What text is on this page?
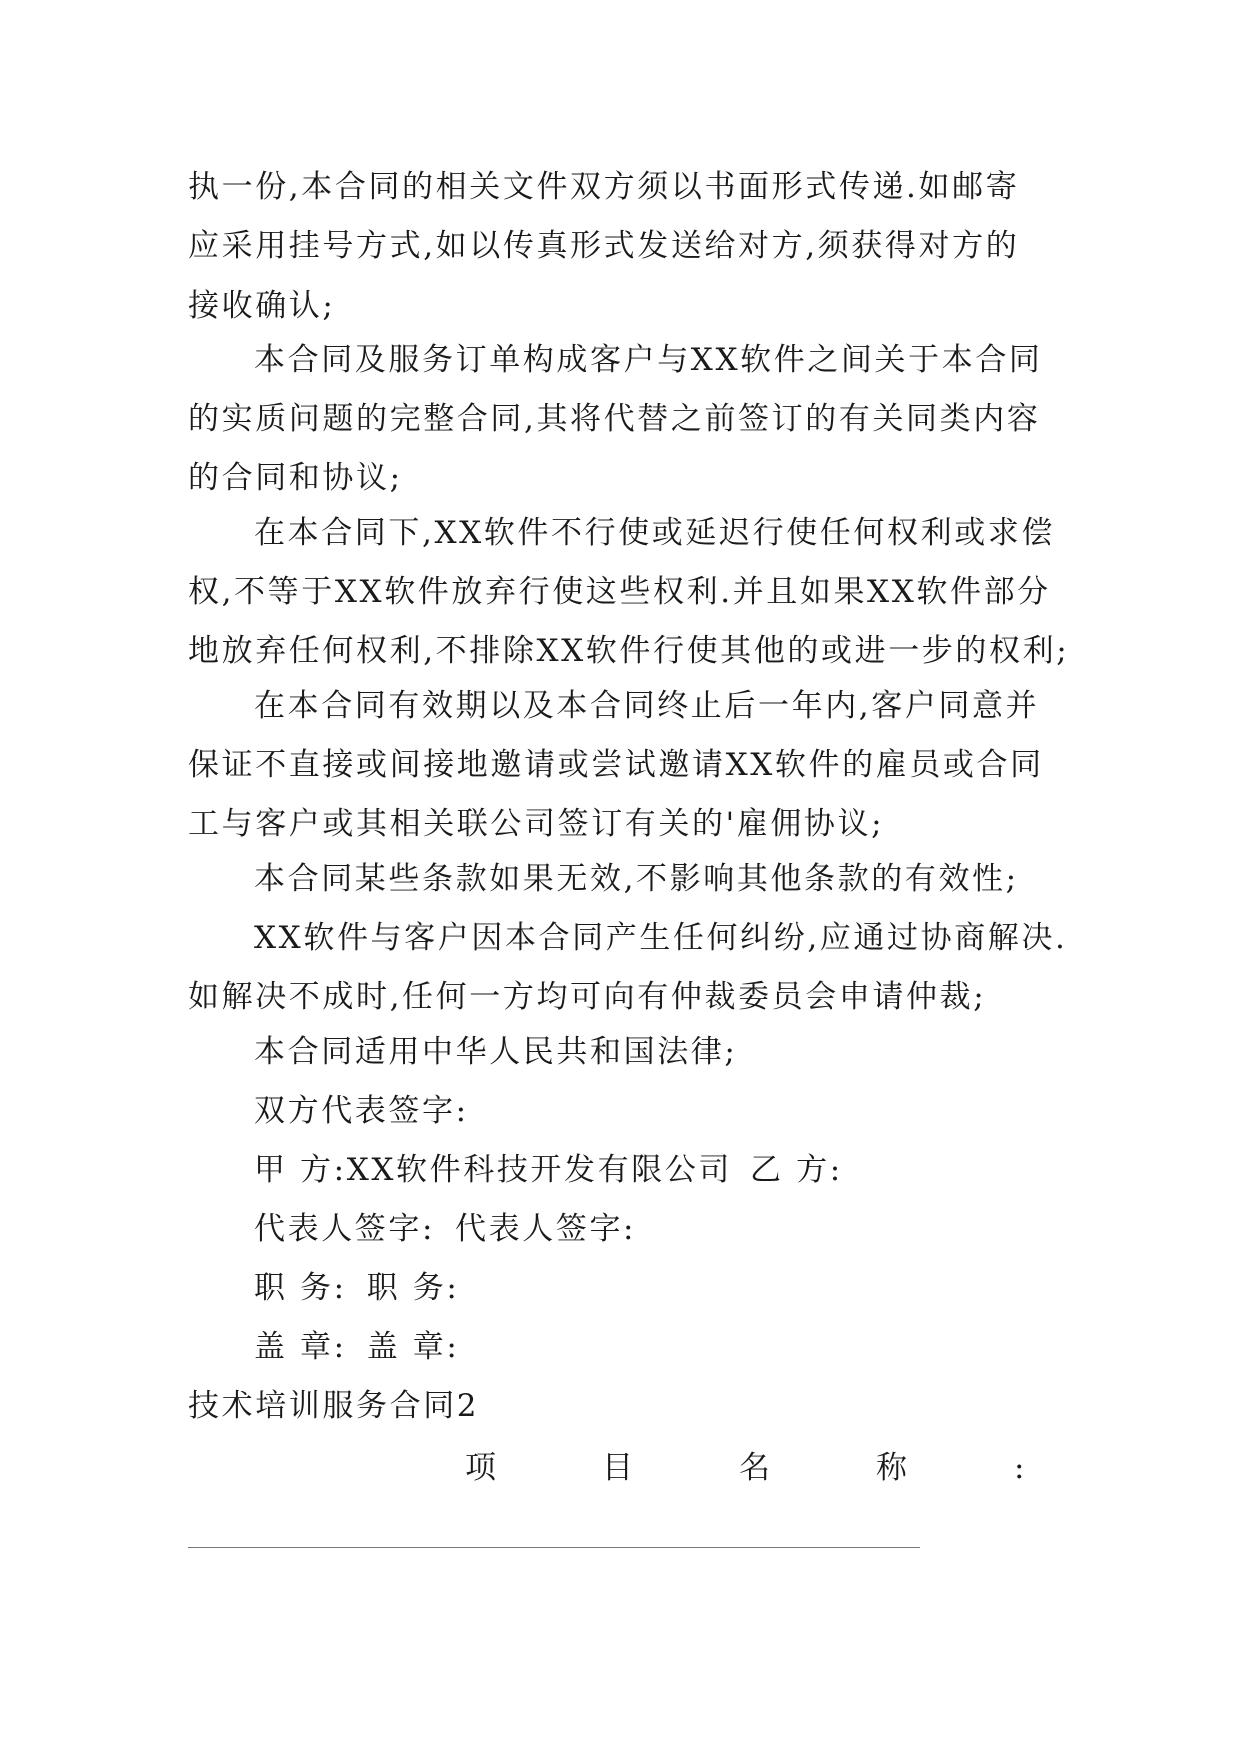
执一份,本合同的相关文件双方须以书面形式传递.如邮寄
应采用挂号方式,如以传真形式发送给对方,须获得对方的
接收确认;
本合同及服务订单构成客户与XX软件之间关于本合同
的实质问题的完整合同,其将代替之前签订的有关同类内容
的合同和协议;
在本合同下,XX软件不行使或延迟行使任何权利或求偿
权,不等于XX软件放弃行使这些权利.并且如果XX软件部分
地放弃任何权利,不排除XX软件行使其他的或进一步的权利;
在本合同有效期以及本合同终止后一年内,客户同意并
保证不直接或间接地邀请或尝试邀请XX软件的雇员或合同
工与客户或其相关联公司签订有关的'雇佣协议;
本合同某些条款如果无效,不影响其他条款的有效性;
XX软件与客户因本合同产生任何纠纷,应通过协商解决.
如解决不成时,任何一方均可向有仲裁委员会申请仲裁;
本合同适用中华人民共和国法律;
双方代表签字:
甲 方:XX软件科技开发有限公司 乙 方:
代表人签字: 代表人签字:
职 务: 职 务:
盖 章: 盖 章:
技术培训服务合同2
项	目	名	称	:
